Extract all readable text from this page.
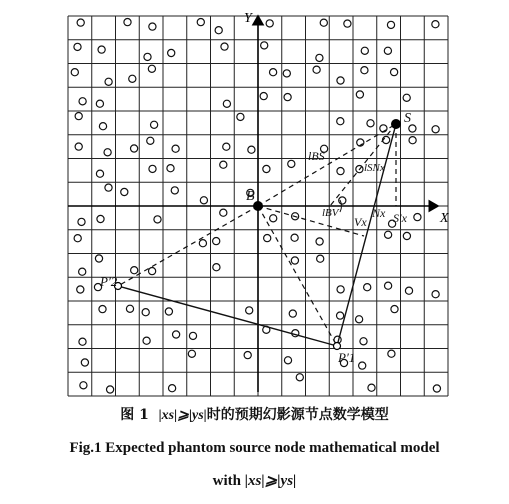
X
Y
S
B
P′1
P′2
S′x
Nx
Vx
lBS
lSNx
lBV
图 1 |xs|⩾|ys|时的预期幻影源节点数学模型
Fig.1 Expected phantom source node mathematical model
with |xs|⩾|ys|
